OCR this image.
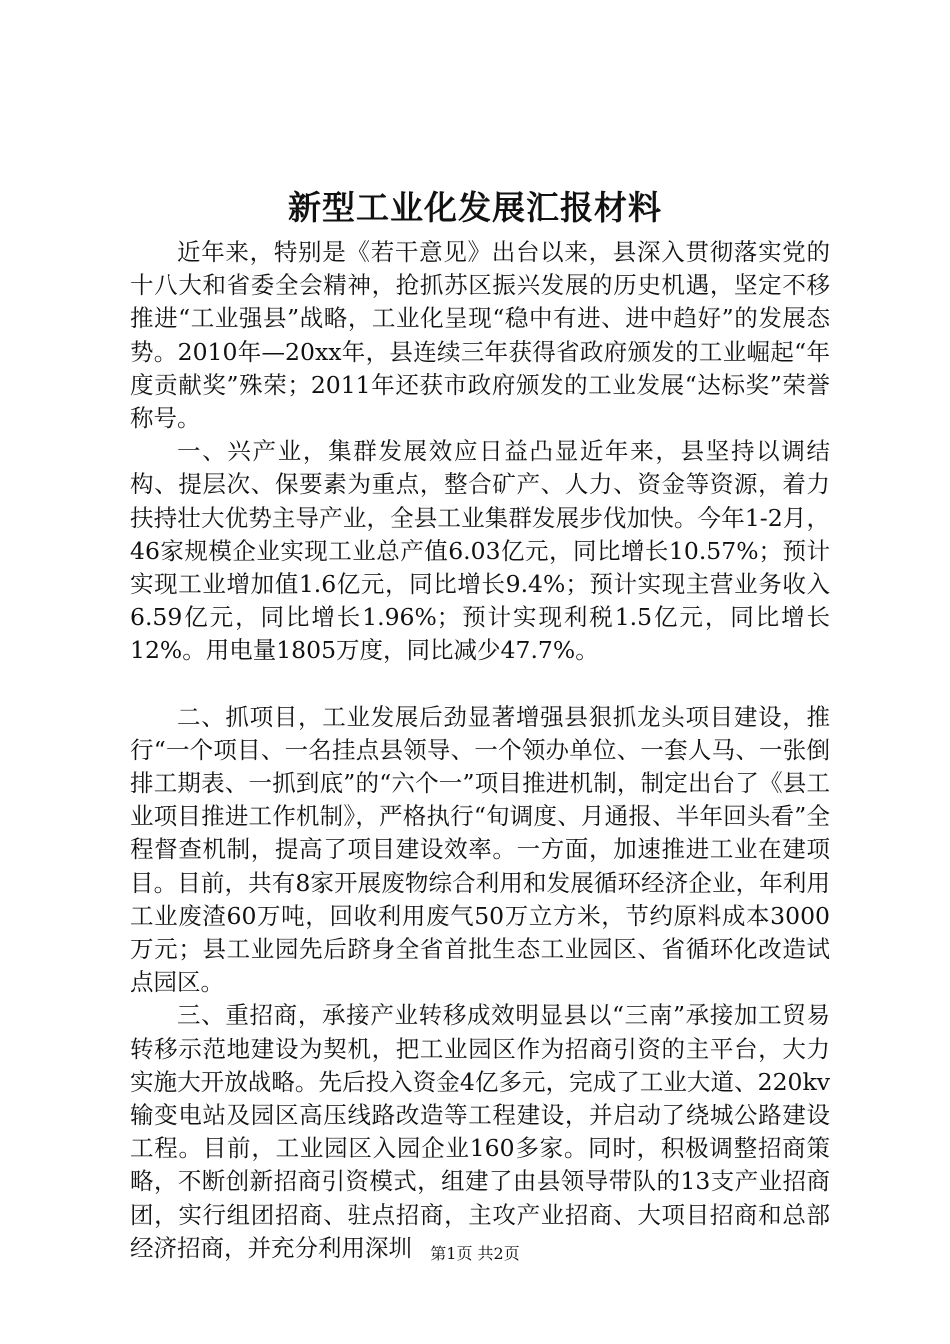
新型工业化发展汇报材料

近年来，特别是《若干意见》出台以来，县深入贯彻落实党的十八大和省委全会精神，抢抓苏区振兴发展的历史机遇，坚定不移推进“工业强县”战略，工业化呈现“稳中有进、进中趋好”的发展态势。2010年—20xx年，县连续三年获得省政府颁发的工业崛起“年度贡献奖”殊荣；2011年还获市政府颁发的工业发展“达标奖”荣誉称号。

一、兴产业，集群发展效应日益凸显近年来，县坚持以调结构、提层次、保要素为重点，整合矿产、人力、资金等资源，着力扶持壮大优势主导产业，全县工业集群发展步伐加快。今年1-2月，46家规模企业实现工业总产值6.03亿元，同比增长10.57%；预计实现工业增加值1.6亿元，同比增长9.4%；预计实现主营业务收入6.59亿元，同比增长1.96%；预计实现利税1.5亿元，同比增长12%。用电量1805万度，同比减少47.7%。

二、抓项目，工业发展后劲显著增强县狠抓龙头项目建设，推行“一个项目、一名挂点县领导、一个领办单位、一套人马、一张倒排工期表、一抓到底”的“六个一”项目推进机制，制定出台了《县工业项目推进工作机制》，严格执行“旬调度、月通报、半年回头看”全程督查机制，提高了项目建设效率。一方面，加速推进工业在建项目。目前，共有8家开展废物综合利用和发展循环经济企业，年利用工业废渣60万吨，回收利用废气50万立方米，节约原料成本3000万元；县工业园先后跻身全省首批生态工业园区、省循环化改造试点园区。

三、重招商，承接产业转移成效明显县以“三南”承接加工贸易转移示范地建设为契机，把工业园区作为招商引资的主平台，大力实施大开放战略。先后投入资金4亿多元，完成了工业大道、220kv输变电站及园区高压线路改造等工程建设，并启动了绕城公路建设工程。目前，工业园区入园企业160多家。同时，积极调整招商策略，不断创新招商引资模式，组建了由县领导带队的13支产业招商团，实行组团招商、驻点招商，主攻产业招商、大项目招商和总部经济招商，并充分利用深圳	第1页 共2页
